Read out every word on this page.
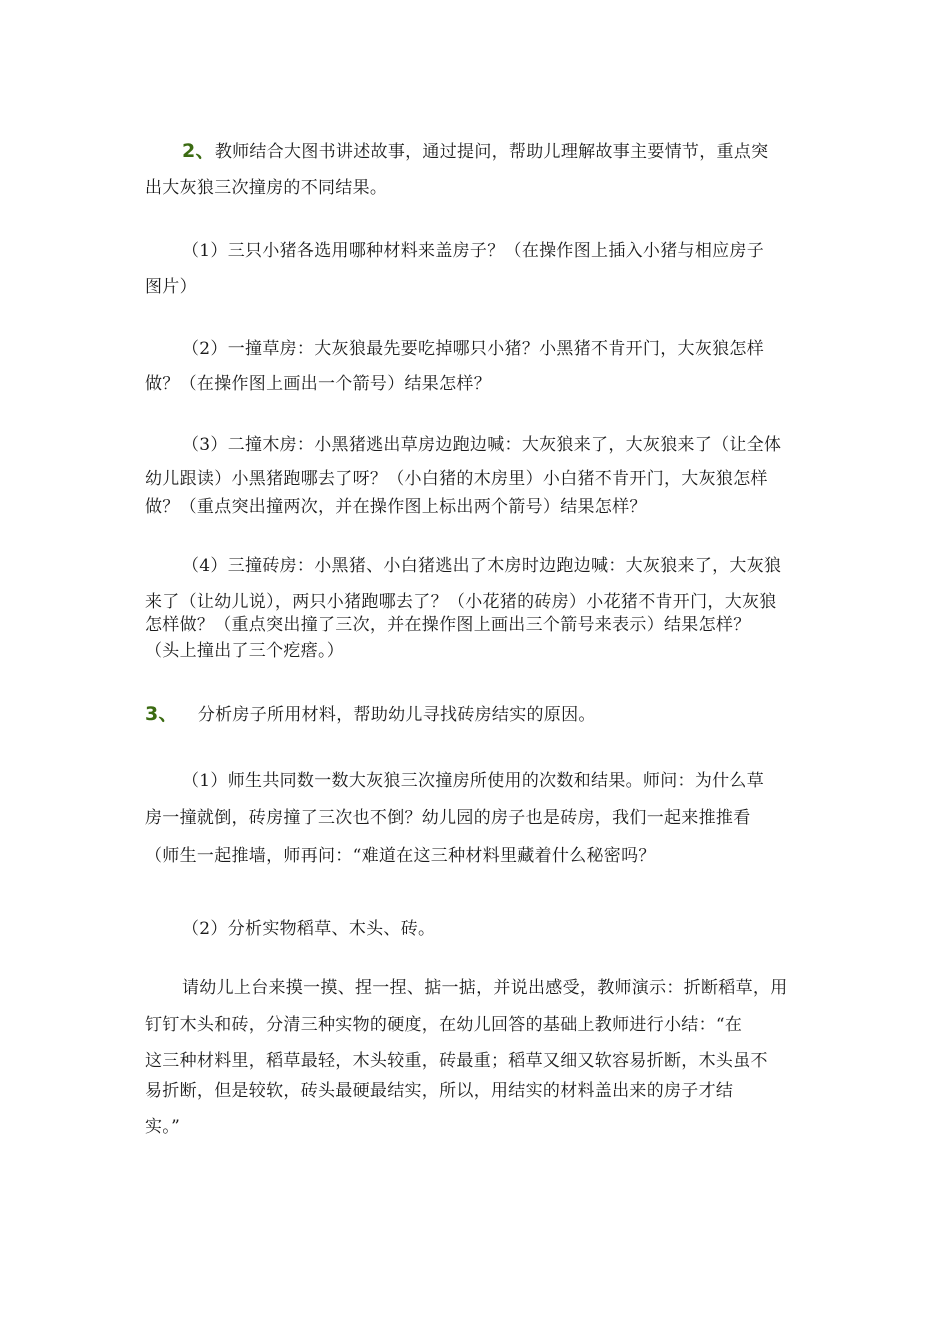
2、教师结合大图书讲述故事，通过提问，帮助儿理解故事主要情节，重点突
出大灰狼三次撞房的不同结果。
（1）三只小猪各选用哪种材料来盖房子？（在操作图上插入小猪与相应房子
图片）
（2）一撞草房：大灰狼最先要吃掉哪只小猪？小黑猪不肯开门，大灰狼怎样
做？（在操作图上画出一个箭号）结果怎样？
（3）二撞木房：小黑猪逃出草房边跑边喊：大灰狼来了，大灰狼来了（让全体
幼儿跟读）小黑猪跑哪去了呀？（小白猪的木房里）小白猪不肯开门，大灰狼怎样
做？（重点突出撞两次，并在操作图上标出两个箭号）结果怎样？
（4）三撞砖房：小黑猪、小白猪逃出了木房时边跑边喊：大灰狼来了，大灰狼
来了（让幼儿说），两只小猪跑哪去了？（小花猪的砖房）小花猪不肯开门，大灰狼
怎样做？（重点突出撞了三次，并在操作图上画出三个箭号来表示）结果怎样？
（头上撞出了三个疙瘩。）
3、 分析房子所用材料，帮助幼儿寻找砖房结实的原因。
（1）师生共同数一数大灰狼三次撞房所使用的次数和结果。师问：为什么草
房一撞就倒，砖房撞了三次也不倒？幼儿园的房子也是砖房，我们一起来推推看
（师生一起推墙，师再问：“难道在这三种材料里藏着什么秘密吗？
（2）分析实物稻草、木头、砖。
请幼儿上台来摸一摸、捏一捏、掂一掂，并说出感受，教师演示：折断稻草，用
钉钉木头和砖，分清三种实物的硬度，在幼儿回答的基础上教师进行小结：“在
这三种材料里，稻草最轻，木头较重，砖最重；稻草又细又软容易折断，木头虽不
易折断，但是较软，砖头最硬最结实，所以，用结实的材料盖出来的房子才结
实。”
